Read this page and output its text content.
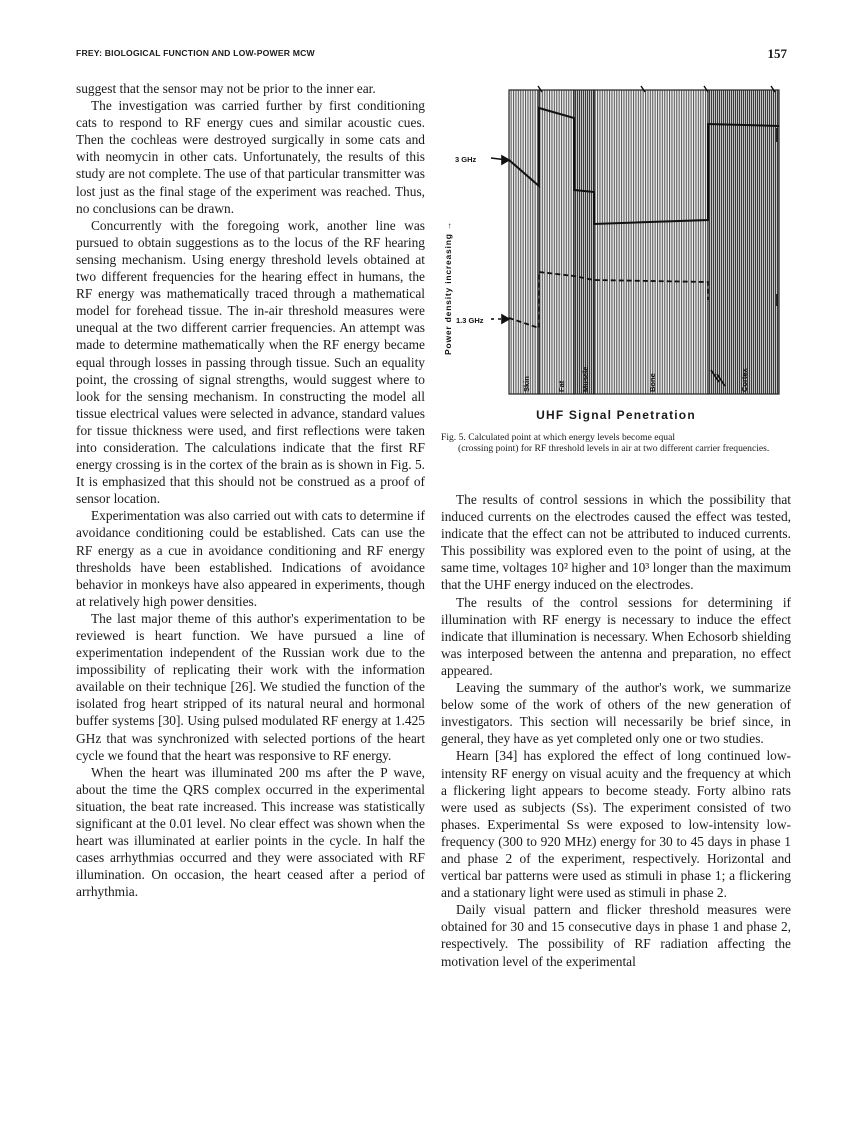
FREY: BIOLOGICAL FUNCTION AND LOW-POWER MCW	157

suggest that the sensor may not be prior to the inner ear.

The investigation was carried further by first conditioning cats to respond to RF energy cues and similar acoustic cues. Then the cochleas were destroyed surgically in some cats and with neomycin in other cats. Unfortunately, the results of this study are not complete. The use of that particular transmitter was lost just as the final stage of the experiment was reached. Thus, no conclusions can be drawn.

Concurrently with the foregoing work, another line was pursued to obtain suggestions as to the locus of the RF hearing sensing mechanism. Using energy threshold levels obtained at two different frequencies for the hearing effect in humans, the RF energy was mathematically traced through a mathematical model for forehead tissue. The in-air threshold measures were unequal at the two different carrier frequencies. An attempt was made to determine mathematically when the RF energy became equal through losses in passing through tissue. Such an equality point, the crossing of signal strengths, would suggest where to look for the sensing mechanism. In constructing the model all tissue electrical values were selected in advance, standard values for tissue thickness were used, and first reflections were taken into consideration. The calculations indicate that the first RF energy crossing is in the cortex of the brain as is shown in Fig. 5. It is emphasized that this should not be construed as a proof of sensor location.

Experimentation was also carried out with cats to determine if avoidance conditioning could be established. Cats can use the RF energy as a cue in avoidance conditioning and RF energy thresholds have been established. Indications of avoidance behavior in monkeys have also appeared in experiments, though at relatively high power densities.

The last major theme of this author's experimentation to be reviewed is heart function. We have pursued a line of experimentation independent of the Russian work due to the impossibility of replicating their work with the information available on their technique [26]. We studied the function of the isolated frog heart stripped of its natural neural and hormonal buffer systems [30]. Using pulsed modulated RF energy at 1.425 GHz that was synchronized with selected portions of the heart cycle we found that the heart was responsive to RF energy.

When the heart was illuminated 200 ms after the P wave, about the time the QRS complex occurred in the experimental situation, the beat rate increased. This increase was statistically significant at the 0.01 level. No clear effect was shown when the heart was illuminated at earlier points in the cycle. In half the cases arrhythmias occurred and they were associated with RF illumination. On occasion, the heart ceased after a period of arrhythmia.

3 GHz
1.3 GHz
Power density increasing →
Skin	Fat Muscle	Bone	Cortex
UHF Signal Penetration
Fig. 5. Calculated point at which energy levels become equal
(crossing point) for RF threshold levels in air at two different carrier frequencies.

The results of control sessions in which the possibility that induced currents on the electrodes caused the effect was tested, indicate that the effect can not be attributed to induced currents. This possibility was explored even to the point of using, at the same time, voltages 10² higher and 10³ longer than the maximum that the UHF energy induced on the electrodes.

The results of the control sessions for determining if illumination with RF energy is necessary to induce the effect indicate that illumination is necessary. When Echosorb shielding was interposed between the antenna and preparation, no effect appeared.

Leaving the summary of the author's work, we summarize below some of the work of others of the new generation of investigators. This section will necessarily be brief since, in general, they have as yet completed only one or two studies.

Hearn [34] has explored the effect of long continued low-intensity RF energy on visual acuity and the frequency at which a flickering light appears to become steady. Forty albino rats were used as subjects (Ss). The experiment consisted of two phases. Experimental Ss were exposed to low-intensity low-frequency (300 to 920 MHz) energy for 30 to 45 days in phase 1 and phase 2 of the experiment, respectively. Horizontal and vertical bar patterns were used as stimuli in phase 1; a flickering and a stationary light were used as stimuli in phase 2.

Daily visual pattern and flicker threshold measures were obtained for 30 and 15 consecutive days in phase 1 and phase 2, respectively. The possibility of RF radiation affecting the motivation level of the experimental
